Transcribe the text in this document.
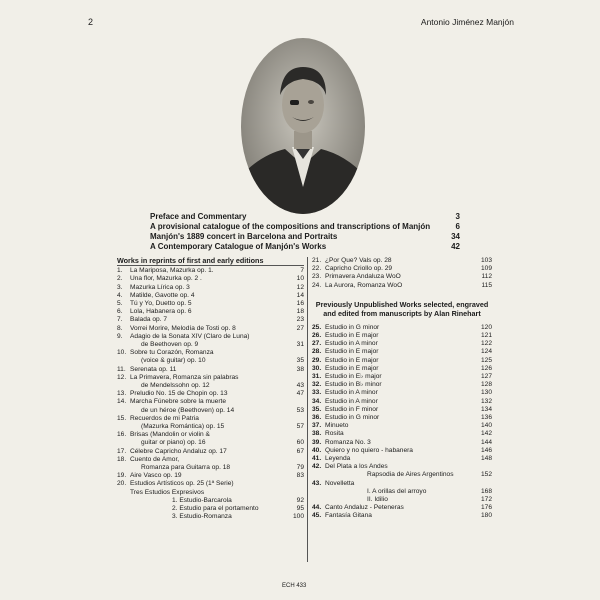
2	Antonio Jiménez Manjón
Preface and Commentary	3
A provisional catalogue of the compositions and transcriptions of Manjón	6
Manjón's 1889 concert in Barcelona and Portraits	34
A Contemporary Catalogue of Manjón's Works	42
Works in reprints of first and early editions
1.	La Mariposa, Mazurka op. 1.	7
2.	Una flor, Mazurka op. 2 .	10
3.	Mazurka Lírica op. 3	12
4.	Matilde, Gavotte op. 4	14
5.	Tú y Yo, Duetto op. 5	16
6.	Lola, Habanera op. 6	18
7.	Balada op. 7	23
8.	Vorrei Morire, Melodía de Tosti op. 8	27
9.	Adagio de la Sonata XIV (Claro de Luna)
de Beethoven op. 9	31
10. Sobre tu Corazón, Romanza
(voice & guitar) op. 10	35
11. Serenata op. 11	38
12. La Primavera, Romanza sin palabras
de Mendelssohn op. 12	43
13. Preludio No. 15 de Chopin op. 13	47
14. Marcha Fúnebre sobre la muerte
de un héroe (Beethoven) op. 14	53
15. Recuerdos de mi Patria
(Mazurka Romántica) op. 15	57
16. Brisas (Mandolin or violin &
guitar or piano) op. 16	60
17. Célebre Capricho Andaluz op. 17	67
18. Cuento de Amor,
Romanza para Guitarra op. 18	79
19. Aire Vasco op. 19	83
20. Estudios Artísticos op. 25 (1ª Serie)
Tres Estudios Expresivos
1. Estudio-Barcarola	92
2. Estudio para el portamento	95
3. Estudio-Romanza	100
21. ¿Por Que? Vals op. 28	103
22. Capricho Criollo op. 29	109
23. Primavera Andaluza WoO	112
24. La Aurora, Romanza WoO	115
Previously Unpublished Works selected, engraved and edited from manuscripts by Alan Rinehart
25. Estudio in G minor	120
26. Estudio in E major	121
27. Estudio in A minor	122
28. Estudio in E major	124
29. Estudio in E major	125
30. Estudio in E major	126
31. Estudio in E♭ major	127
32. Estudio in B♭ minor	128
33. Estudio in A minor	130
34. Estudio in A minor	132
35. Estudio in F minor	134
36. Estudio in G minor	136
37. Minueto	140
38. Rosita	142
39. Romanza No. 3	144
40. Quiero y no quiero - habanera	146
41. Leyenda	148
42. Del Plata a los Andes
Rapsodia de Aires Argentinos	152
43. Novelletta
I. A orillas del arroyo	168
II. Idilio	172
44. Canto Andaluz - Peteneras	176
45. Fantasía Gitana	180
ECH 433
